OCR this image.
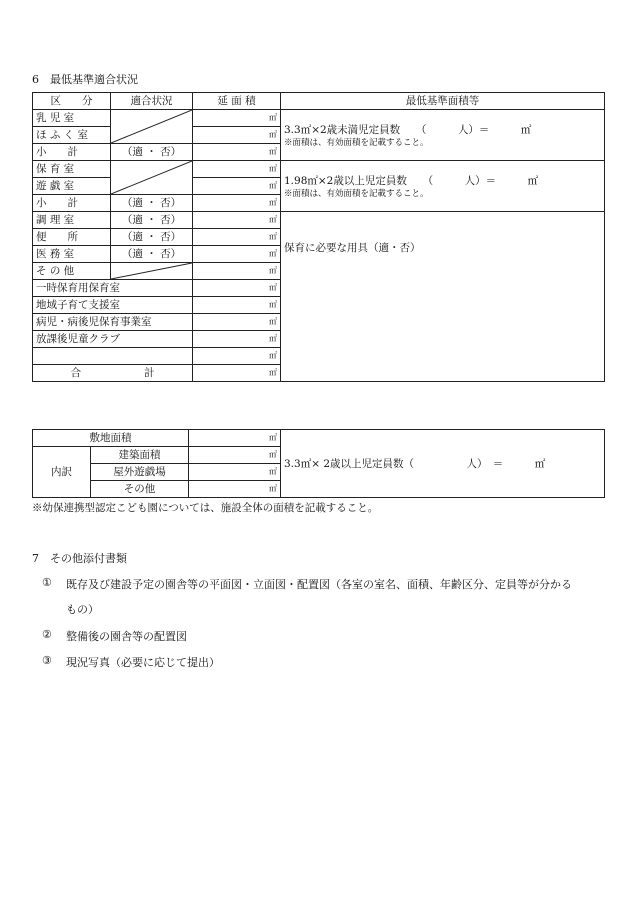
6　最低基準適合状況
区　　分	適合状況	延 面 積	最低基準面積等
乳 児 室		㎡	3.3㎡×2歳未満児定員数　　（　　　人）＝　　　㎡
※面積は、有効面積を記載すること。

ほ ふ く 室		㎡	
小　　計	（適 ・ 否）	㎡	
保 育 室		㎡	1.98㎡×2歳以上児定員数　　（　　　人）＝　　　㎡
※面積は、有効面積を記載すること。

遊 戯 室		㎡	
小　　計	（適 ・ 否）	㎡	
調 理 室	（適 ・ 否）	㎡	保育に必要な用具（適・否）
便　　所	（適 ・ 否）	㎡	
医 務 室	（適 ・ 否）	㎡	
そ の 他		㎡	
一時保育用保育室		㎡	
地域子育て支援室		㎡	
病児・病後児保育事業室		㎡	
放課後児童クラブ		㎡	
		㎡	
合　　　　　　計		㎡	
敷地面積		㎡	3.3㎡× 2歳以上児定員数（　　　　　人）　＝　　　㎡
内訳	建築面積	㎡	
	屋外遊戯場	㎡	
	その他	㎡	
※幼保連携型認定こども園については、施設全体の面積を記載すること。
7　その他添付書類
① 既存及び建設予定の園舎等の平面図・立面図・配置図（各室の室名、面積、年齢区分、定員等が分かる
もの）
② 整備後の園舎等の配置図
③ 現況写真（必要に応じて提出）
